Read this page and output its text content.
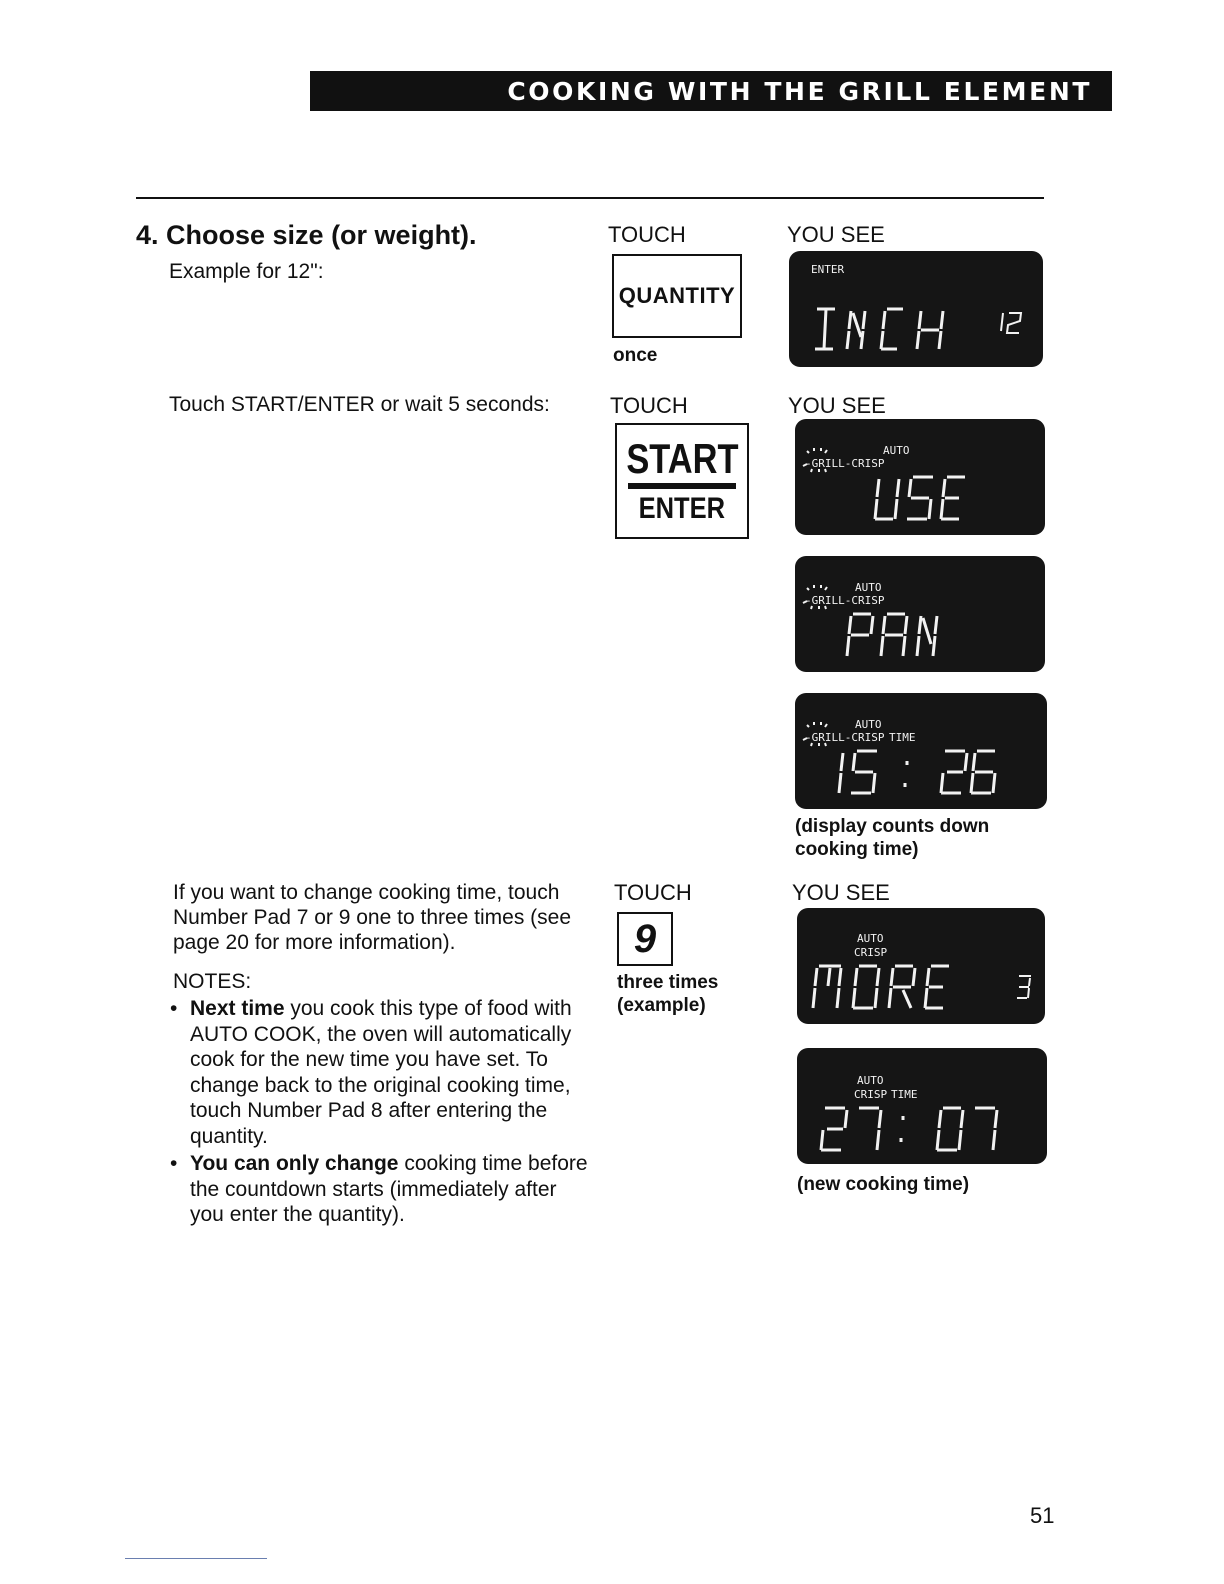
COOKING WITH THE GRILL ELEMENT
4. Choose size (or weight).
Example for 12":
TOUCH	YOU SEE
QUANTITY
once
ENTER
Touch START/ENTER or wait 5 seconds:	TOUCH	YOU SEE
START
ENTER
AUTO
-GRILL-CRISP
AUTO
-GRILL-CRISP
AUTO
-GRILL-CRISP TIME
(display counts down cooking time)
If you want to change cooking time, touch Number Pad 7 or 9 one to three times (see page 20 for more information).
TOUCH	YOU SEE
9
three times (example)
AUTO
CRISP
AUTO
CRISP TIME
(new cooking time)
NOTES:
• Next time you cook this type of food with AUTO COOK, the oven will automatically cook for the new time you have set. To change back to the original cooking time, touch Number Pad 8 after entering the quantity.
• You can only change cooking time before the countdown starts (immediately after you enter the quantity).
51
